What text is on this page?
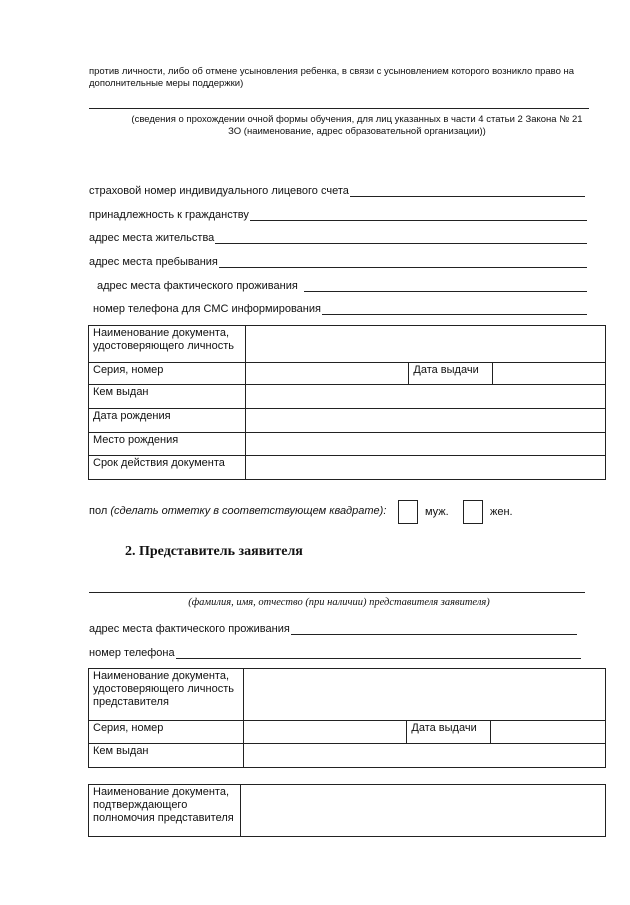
против личности, либо об отмене усыновления ребенка, в связи с усыновлением которого возникло право на
дополнительные меры поддержки)
(сведения о прохождении очной формы обучения, для лиц указанных в части 4 статьи 2 Закона № 21
ЗО (наименование, адрес образовательной организации))
страховой номер индивидуального лицевого счета
принадлежность к гражданству
адрес места жительства
адрес места пребывания
адрес места фактического проживания
номер телефона для СМС информирования
Наименование документа, удостоверяющего личность			
Серия, номер		Дата выдачи	
Кем выдан			
Дата рождения			
Место рождения			
Срок действия документа			
пол (сделать отметку в соответствующем квадрате):	муж.	жен.
2. Представитель заявителя
(фамилия, имя, отчество (при наличии) представителя заявителя)
адрес места фактического проживания
номер телефона
Наименование документа, удостоверяющего личность представителя			
Серия, номер		Дата выдачи	
Кем выдан			
Наименование документа, подтверждающего полномочия представителя	
